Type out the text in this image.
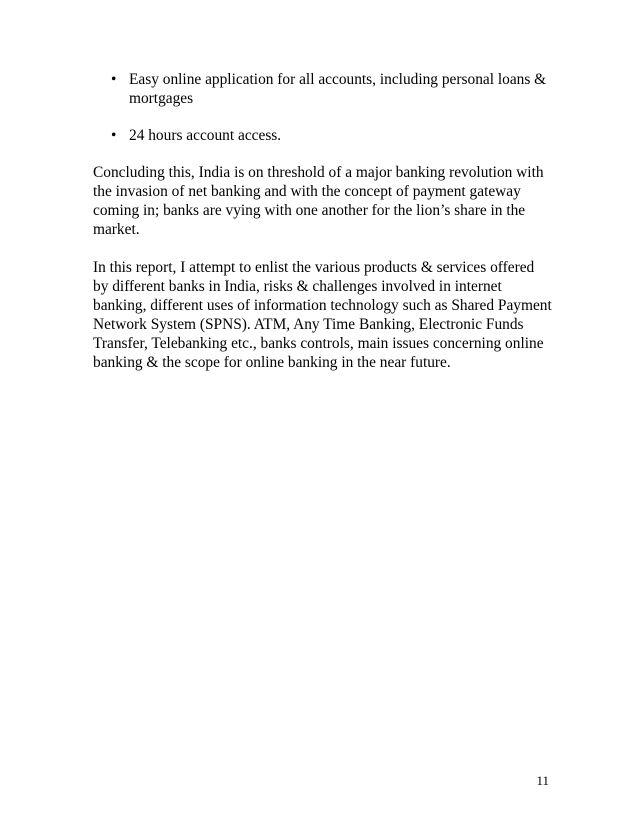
• Easy online application for all accounts, including personal loans & mortgages
• 24 hours account access.

Concluding this, India is on threshold of a major banking revolution with the invasion of net banking and with the concept of payment gateway coming in; banks are vying with one another for the lion’s share in the market.

In this report, I attempt to enlist the various products & services offered by different banks in India, risks & challenges involved in internet banking, different uses of information technology such as Shared Payment Network System (SPNS). ATM, Any Time Banking, Electronic Funds Transfer, Telebanking etc., banks controls, main issues concerning online banking & the scope for online banking in the near future.

11
